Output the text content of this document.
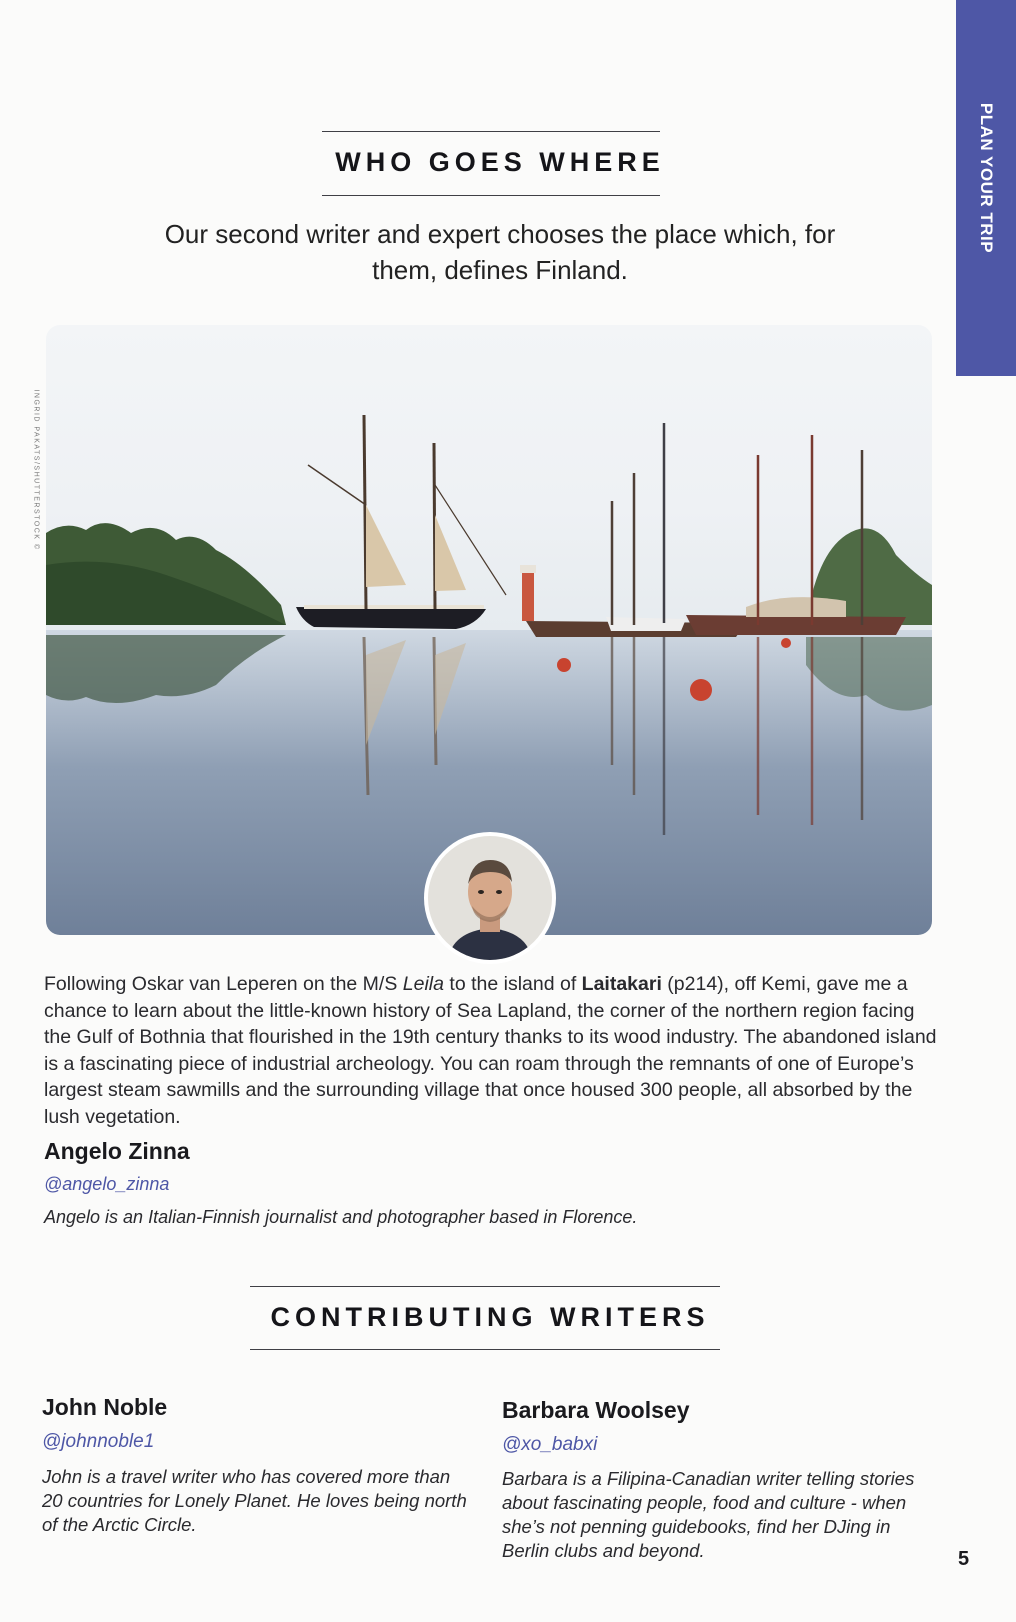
PLAN YOUR TRIP
WHO GOES WHERE
Our second writer and expert chooses the place which, for them, defines Finland.
INGRID PAKATS/SHUTTERSTOCK ©

Following Oskar van Leperen on the M/S Leila to the island of Laitakari (p214), off Kemi, gave me a chance to learn about the little-known history of Sea Lapland, the corner of the northern region facing the Gulf of Bothnia that flourished in the 19th century thanks to its wood industry. The abandoned island is a fascinating piece of industrial archeology. You can roam through the remnants of one of Europe’s largest steam sawmills and the surrounding village that once housed 300 people, all absorbed by the lush vegetation.

Angelo Zinna
@angelo_zinna
Angelo is an Italian-Finnish journalist and photographer based in Florence.
CONTRIBUTING WRITERS
John Noble
@johnnoble1
John is a travel writer who has covered more than 20 countries for Lonely Planet. He loves being north of the Arctic Circle.
Barbara Woolsey
@xo_babxi
Barbara is a Filipina-Canadian writer telling stories about fascinating people, food and culture - when she’s not penning guidebooks, find her DJing in Berlin clubs and beyond.	5
